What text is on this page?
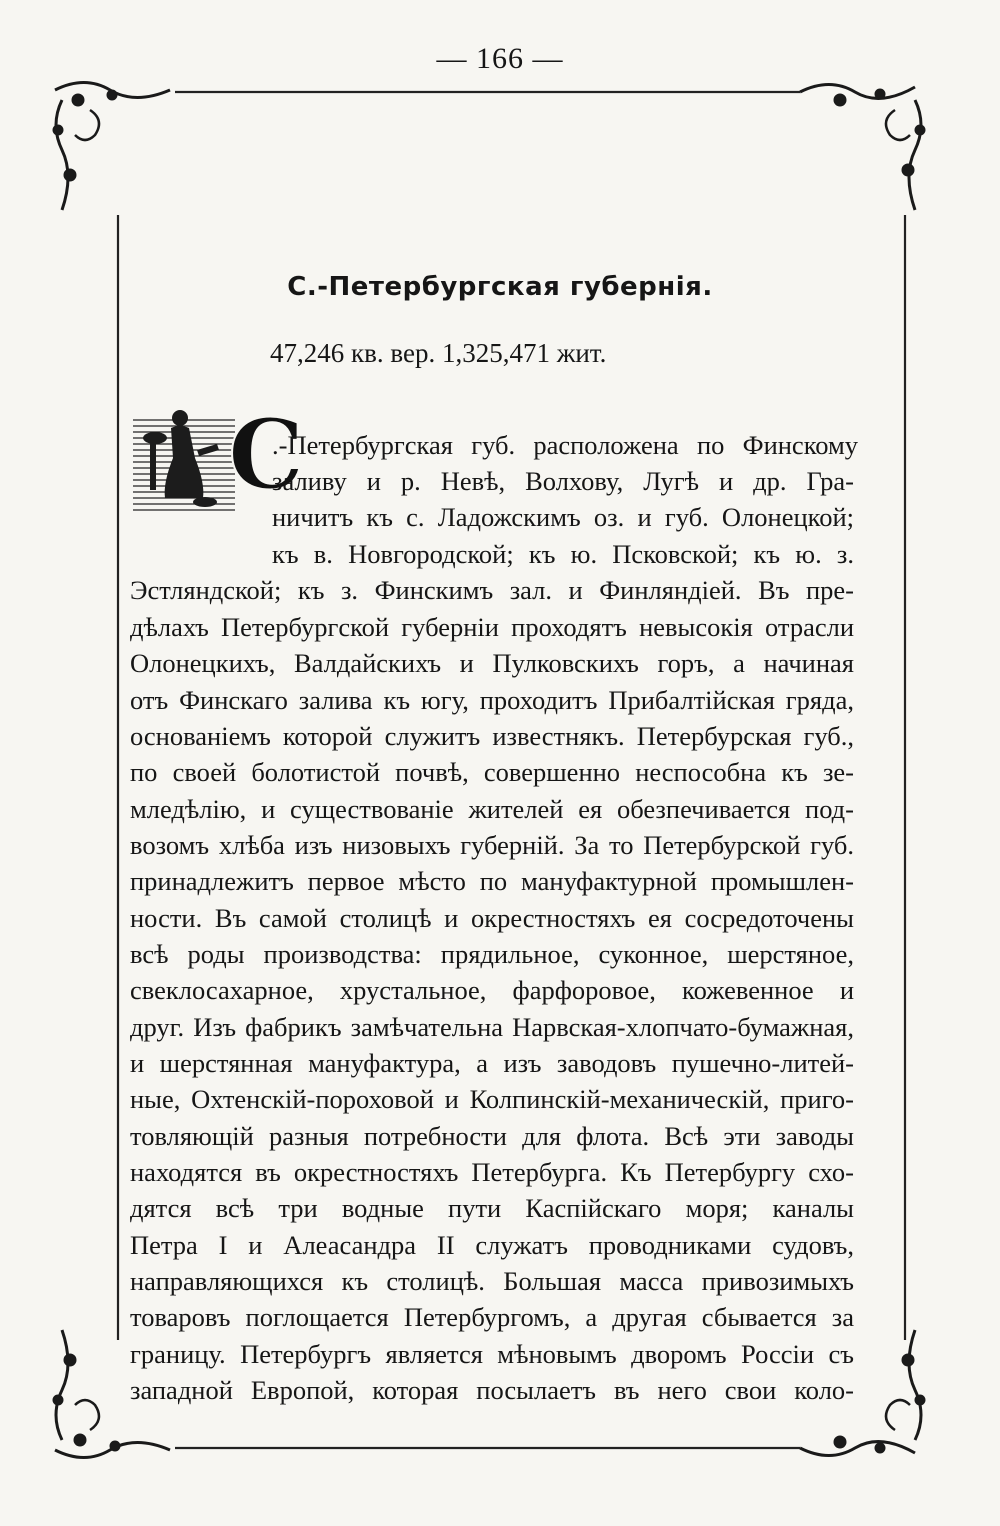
— 166 —
С.-Петербургская губернія.
47,246 кв. вер. 1,325,471 жит.
С
.-Петербургская губ. расположена по Финскому
заливу и р. Невѣ, Волхову, Лугѣ и др. Гра-
ничитъ къ с. Ладожскимъ оз. и губ. Олонецкой;
къ в. Новгородской; къ ю. Псковской; къ ю. з.
Эстляндской; къ з. Финскимъ зал. и Финляндіей. Въ пре-
дѣлахъ Петербургской губерніи проходятъ невысокія отрасли
Олонецкихъ, Валдайскихъ и Пулковскихъ горъ, а начиная
отъ Финскаго залива къ югу, проходитъ Прибалтійская гряда,
основаніемъ которой служитъ известнякъ. Петербурская губ.,
по своей болотистой почвѣ, совершенно неспособна къ зе-
мледѣлію, и существованіе жителей ея обезпечивается под-
возомъ хлѣба изъ низовыхъ губерній. За то Петербурской губ.
принадлежитъ первое мѣсто по мануфактурной промышлен-
ности. Въ самой столицѣ и окрестностяхъ ея сосредоточены
всѣ роды производства: прядильное, суконное, шерстяное,
свеклосахарное, хрустальное, фарфоровое, кожевенное и
друг. Изъ фабрикъ замѣчательна Нарвская-хлопчато-бумажная,
и шерстянная мануфактура, а изъ заводовъ пушечно-литей-
ные, Охтенскій-пороховой и Колпинскій-механическій, приго-
товляющій разныя потребности для флота. Всѣ эти заводы
находятся въ окрестностяхъ Петербурга. Къ Петербургу схо-
дятся всѣ три водные пути Каспійскаго моря; каналы
Петра I и Алеасандра II служатъ проводниками судовъ,
направляющихся къ столицѣ. Большая масса привозимыхъ
товаровъ поглощается Петербургомъ, а другая сбывается за
границу. Петербургъ является мѣновымъ дворомъ Россіи съ
западной Европой, которая посылаетъ въ него свои коло-
